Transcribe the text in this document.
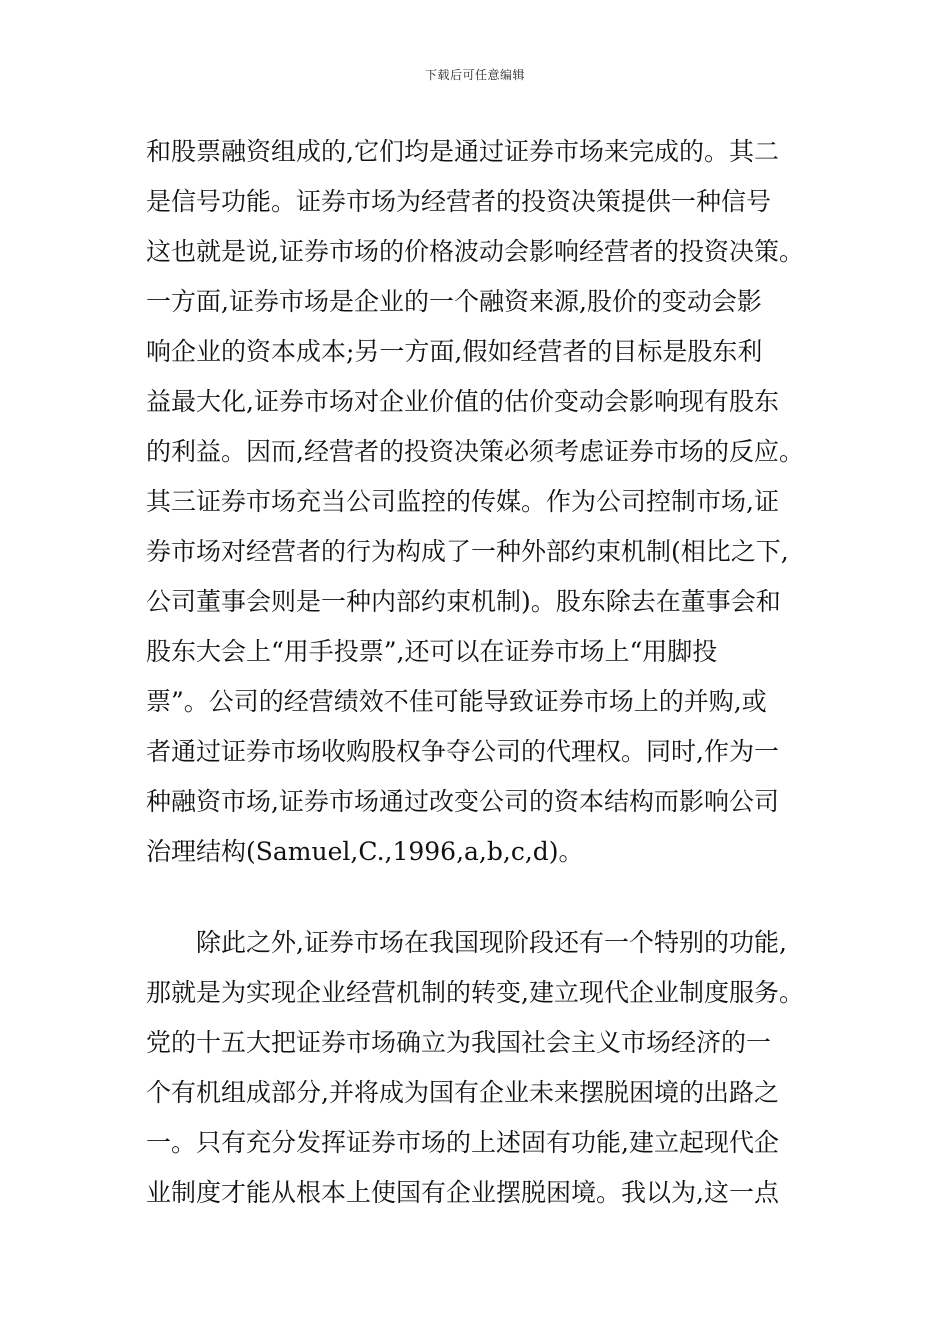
下载后可任意编辑
和股票融资组成的,它们均是通过证券市场来完成的。其二
是信号功能。证券市场为经营者的投资决策提供一种信号
这也就是说,证券市场的价格波动会影响经营者的投资决策。
一方面,证券市场是企业的一个融资来源,股价的变动会影
响企业的资本成本;另一方面,假如经营者的目标是股东利
益最大化,证券市场对企业价值的估价变动会影响现有股东
的利益。因而,经营者的投资决策必须考虑证券市场的反应。
其三证券市场充当公司监控的传媒。作为公司控制市场,证
券市场对经营者的行为构成了一种外部约束机制(相比之下,
公司董事会则是一种内部约束机制)。股东除去在董事会和
股东大会上“用手投票”,还可以在证券市场上“用脚投
票”。公司的经营绩效不佳可能导致证券市场上的并购,或
者通过证券市场收购股权争夺公司的代理权。同时,作为一
种融资市场,证券市场通过改变公司的资本结构而影响公司
治理结构(Samuel,C.,1996,a,b,c,d)。
除此之外,证券市场在我国现阶段还有一个特别的功能,
那就是为实现企业经营机制的转变,建立现代企业制度服务。
党的十五大把证券市场确立为我国社会主义市场经济的一
个有机组成部分,并将成为国有企业未来摆脱困境的出路之
一。只有充分发挥证券市场的上述固有功能,建立起现代企
业制度才能从根本上使国有企业摆脱困境。我以为,这一点
